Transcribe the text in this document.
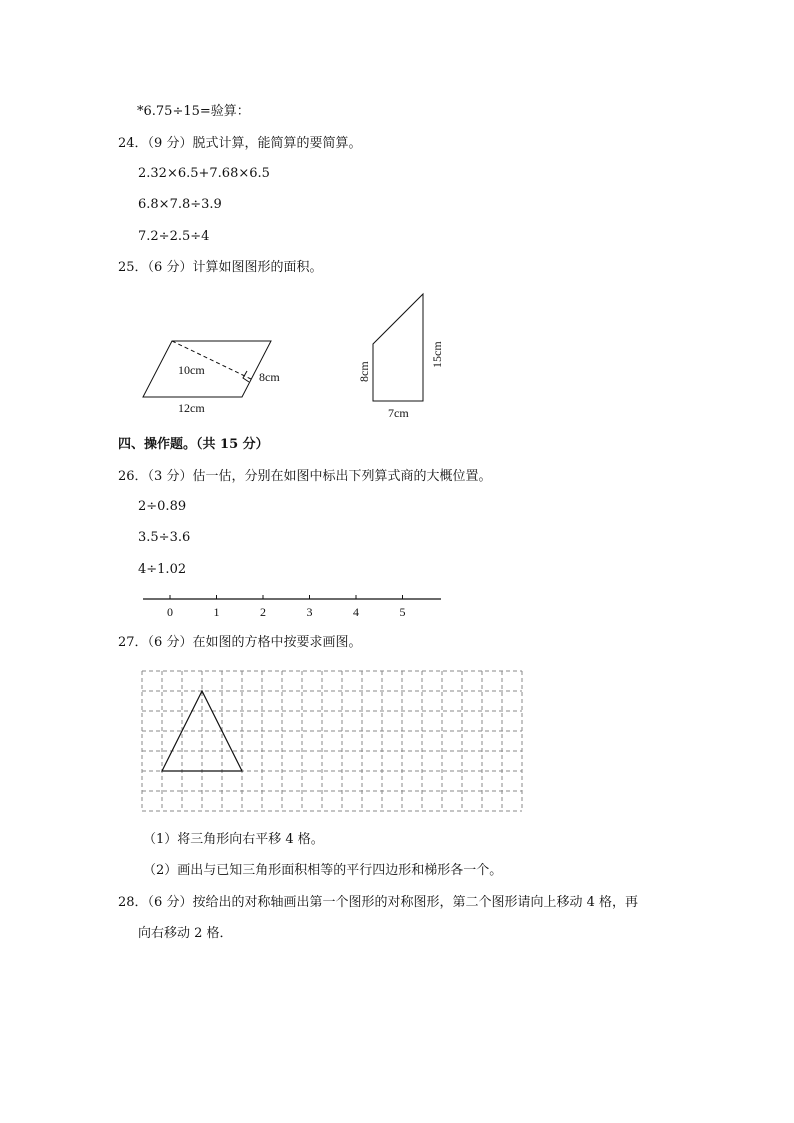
*6.75÷15=验算：
24．（9 分）脱式计算，能简算的要简算。
2.32×6.5+7.68×6.5
6.8×7.8÷3.9
7.2÷2.5÷4
25．（6 分）计算如图图形的面积。
10cm	8cm
12cm	7cm
8cm
15cm
四、操作题。（共 15 分）
26．（3 分）估一估，分别在如图中标出下列算式商的大概位置。
2÷0.89
3.5÷3.6
4÷1.02
0	1	2	3	4	5
27．（6 分）在如图的方格中按要求画图。
（1）将三角形向右平移 4 格。
（2）画出与已知三角形面积相等的平行四边形和梯形各一个。
28．（6 分）按给出的对称轴画出第一个图形的对称图形，第二个图形请向上移动 4 格，再
向右移动 2 格．
